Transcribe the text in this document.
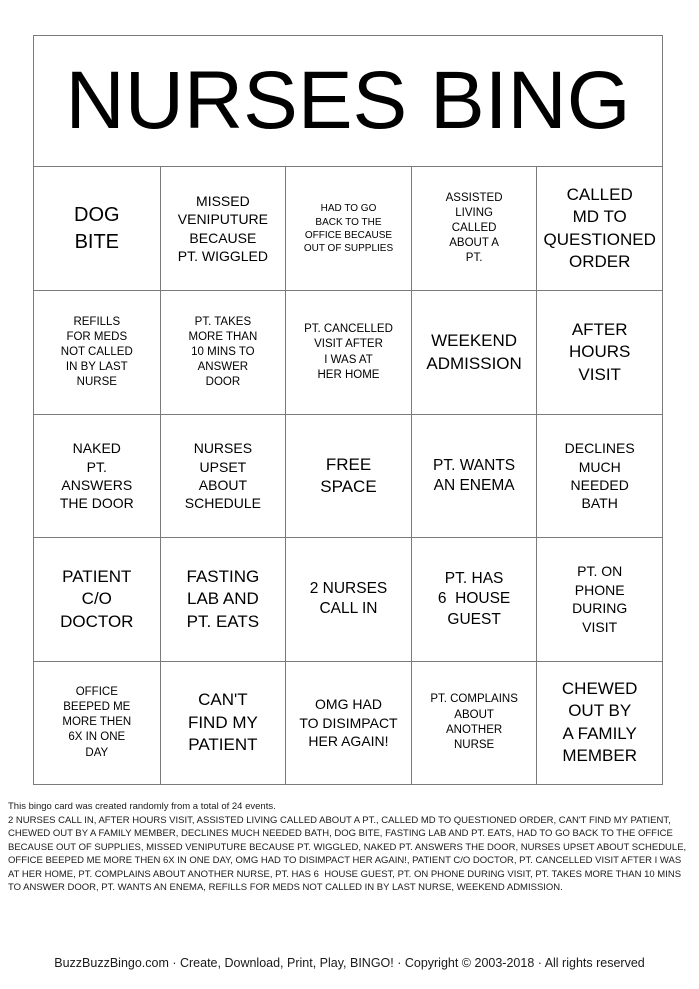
NURSES BING
DOG
BITE
MISSED
VENIPUTURE
BECAUSE
PT. WIGGLED
HAD TO GO
BACK TO THE
OFFICE BECAUSE
OUT OF SUPPLIES
ASSISTED
LIVING
CALLED
ABOUT A
PT.
CALLED
MD TO
QUESTIONED
ORDER
REFILLS
FOR MEDS
NOT CALLED
IN BY LAST
NURSE
PT. TAKES
MORE THAN
10 MINS TO
ANSWER
DOOR
PT. CANCELLED
VISIT AFTER
I WAS AT
HER HOME
WEEKEND
ADMISSION
AFTER
HOURS
VISIT
NAKED
PT.
ANSWERS
THE DOOR
NURSES
UPSET
ABOUT
SCHEDULE
FREE
SPACE
PT. WANTS
AN ENEMA
DECLINES
MUCH
NEEDED
BATH
PATIENT
C/O
DOCTOR
FASTING
LAB AND
PT. EATS
2 NURSES
CALL IN
PT. HAS
6  HOUSE
GUEST
PT. ON
PHONE
DURING
VISIT
OFFICE
BEEPED ME
MORE THEN
6X IN ONE
DAY
CAN'T
FIND MY
PATIENT
OMG HAD
TO DISIMPACT
HER AGAIN!
PT. COMPLAINS
ABOUT
ANOTHER
NURSE
CHEWED
OUT BY
A FAMILY
MEMBER
This bingo card was created randomly from a total of 24 events.
2 NURSES CALL IN, AFTER HOURS VISIT, ASSISTED LIVING CALLED ABOUT A PT., CALLED MD TO QUESTIONED ORDER, CAN'T FIND MY PATIENT, CHEWED OUT BY A FAMILY MEMBER, DECLINES MUCH NEEDED BATH, DOG BITE, FASTING LAB AND PT. EATS, HAD TO GO BACK TO THE OFFICE BECAUSE OUT OF SUPPLIES, MISSED VENIPUTURE BECAUSE PT. WIGGLED, NAKED PT. ANSWERS THE DOOR, NURSES UPSET ABOUT SCHEDULE, OFFICE BEEPED ME MORE THEN 6X IN ONE DAY, OMG HAD TO DISIMPACT HER AGAIN!, PATIENT C/O DOCTOR, PT. CANCELLED VISIT AFTER I WAS AT HER HOME, PT. COMPLAINS ABOUT ANOTHER NURSE, PT. HAS 6  HOUSE GUEST, PT. ON PHONE DURING VISIT, PT. TAKES MORE THAN 10 MINS TO ANSWER DOOR, PT. WANTS AN ENEMA, REFILLS FOR MEDS NOT CALLED IN BY LAST NURSE, WEEKEND ADMISSION.
BuzzBuzzBingo.com · Create, Download, Print, Play, BINGO! · Copyright © 2003-2018 · All rights reserved
